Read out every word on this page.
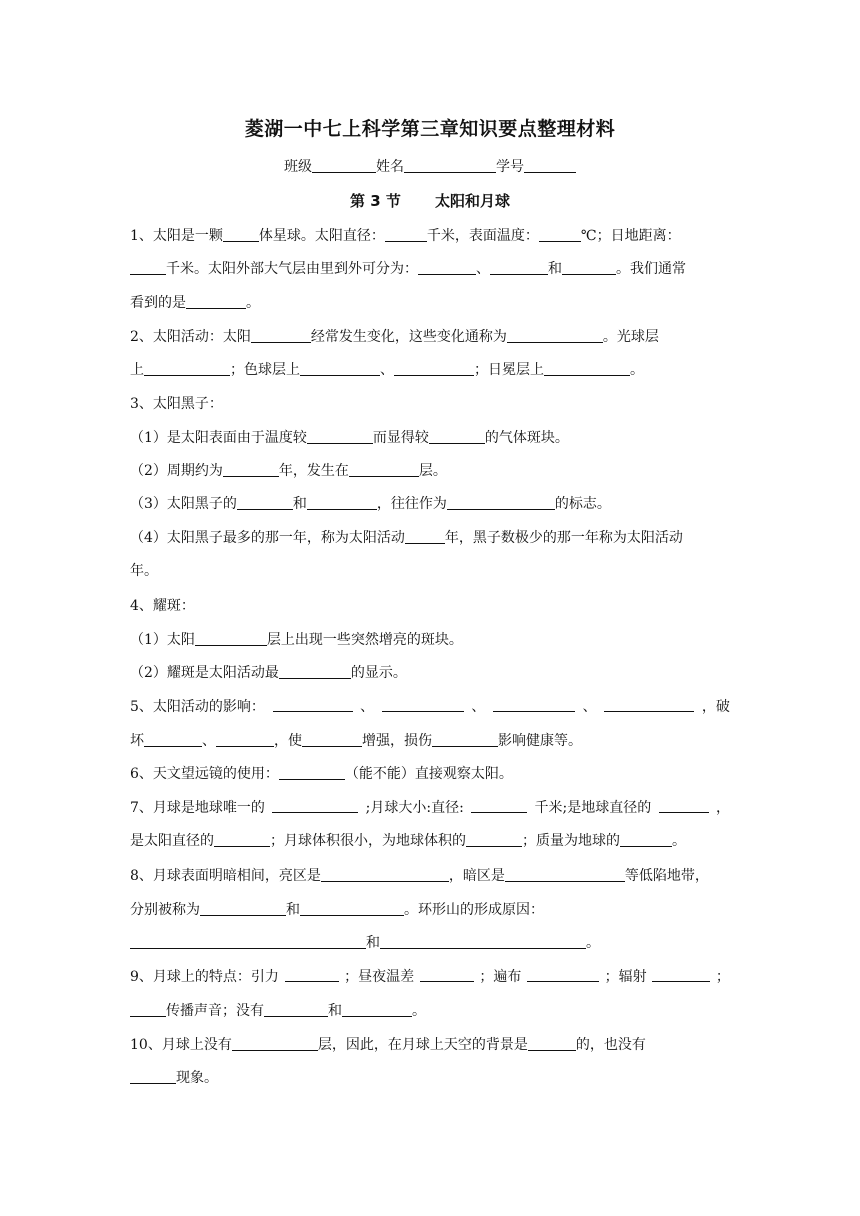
菱湖一中七上科学第三章知识要点整理材料
班级	姓名	学号
第 3 节 太阳和月球
1、太阳是一颗	体星球。太阳直径：	千米，表面温度：	℃；日地距离：
千米。太阳外部大气层由里到外可分为：	、	和	。我们通常
看到的是	。
2、太阳活动：太阳	经常发生变化，这些变化通称为	。光球层
上	；色球层上	、	；日冕层上	。
3、太阳黑子：
（1）是太阳表面由于温度较	而显得较	的气体斑块。
（2）周期约为	年，发生在	层。
（3）太阳黑子的	和	，往往作为	的标志。
（4）太阳黑子最多的那一年，称为太阳活动	年，黑子数极少的那一年称为太阳活动
年。
4、耀斑：
（1）太阳	层上出现一些突然增亮的斑块。
（2）耀斑是太阳活动最	的显示。
5、太阳活动的影响：	、	、	、	，破
坏	、	，使	增强，损伤	影响健康等。
6、天文望远镜的使用：	（能不能）直接观察太阳。
7、月球是地球唯一的	;月球大小:直径:	千米;是地球直径的	，
是太阳直径的	；月球体积很小，为地球体积的	；质量为地球的	。
8、月球表面明暗相间，亮区是	，暗区是	等低陷地带，
分别被称为	和	。环形山的形成原因：
和	。
9、月球上的特点：引力	；昼夜温差	；遍布	；辐射	；
传播声音；没有	和	。
10、月球上没有	层，因此，在月球上天空的背景是	的，也没有
现象。
